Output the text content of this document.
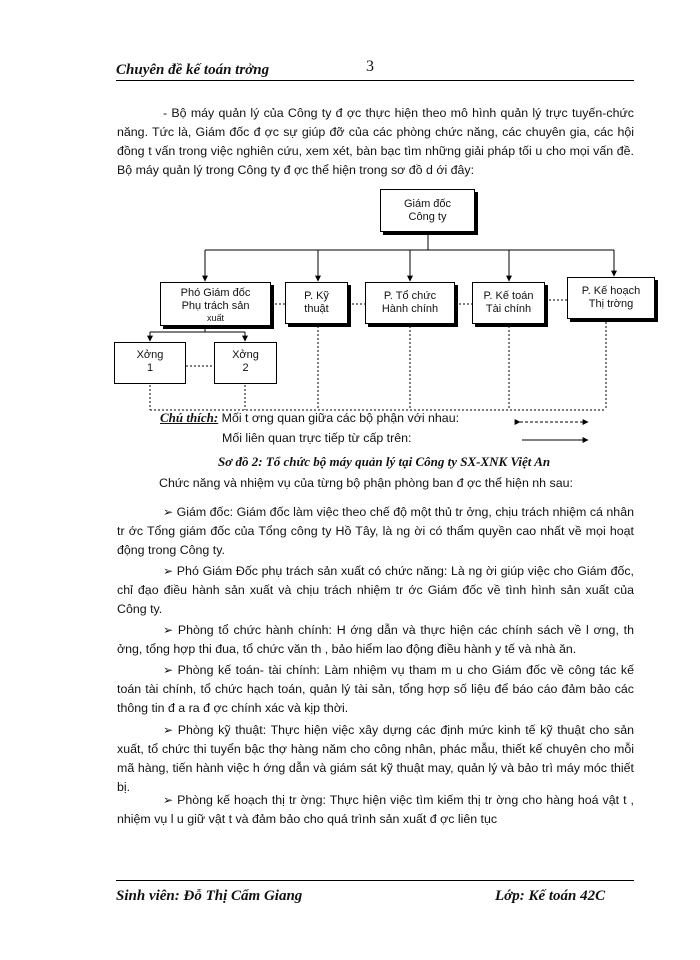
Chuyên đề kế toán trởng	3

- Bộ máy quản lý của Công ty đ ợc thực hiện theo mô hình quản lý trực tuyến-chức năng. Tức là, Giám đốc đ ợc sự giúp đỡ của các phòng chức năng, các chuyên gia, các hội đồng t vấn trong việc nghiên cứu, xem xét, bàn bạc tìm những giải pháp tối u cho mọi vấn đề. Bộ máy quản lý trong Công ty đ ợc thể hiện trong sơ đồ d ới đây:

Giám đốc
Công ty
Phó Giám đốc
Phụ trách sản
xuất
P. Kỹ
thuật
P. Tổ chức
Hành chính
P. Kế toán
Tài chính
P. Kế hoạch
Thị trờng
Xởng
1
Xởng
2
Chú thích: Mối t ơng quan giữa các bộ phận với nhau:
Mối liên quan trực tiếp từ cấp trên:
Sơ đồ 2: Tổ chức bộ máy quản lý tại Công ty SX-XNK Việt An

Chức năng và nhiệm vụ của từng bộ phận phòng ban đ ợc thể hiện nh sau:

➢ Giám đốc: Giám đốc làm việc theo chế độ một thủ tr ởng, chịu trách nhiệm cá nhân tr ớc Tổng giám đốc của Tổng công ty Hồ Tây, là ng ời có thẩm quyền cao nhất về mọi hoạt động trong Công ty.

➢ Phó Giám Đốc phụ trách sản xuất có chức năng: Là ng ời giúp việc cho Giám đốc, chỉ đạo điều hành sản xuất và chịu trách nhiệm tr ớc Giám đốc về tình hình sản xuất của Công ty.

➢ Phòng tổ chức hành chính: H ớng dẫn và thực hiện các chính sách về l ơng, th ởng, tổng hợp thi đua, tổ chức văn th , bảo hiểm lao động điều hành y tế và nhà ăn.

➢ Phòng kế toán- tài chính: Làm nhiệm vụ tham m u cho Giám đốc về công tác kế toán tài chính, tổ chức hạch toán, quản lý tài sản, tổng hợp số liệu để báo cáo đảm bảo các thông tin đ a ra đ ợc chính xác và kịp thời.

➢ Phòng kỹ thuật: Thực hiện việc xây dựng các định mức kinh tế kỹ thuật cho sản xuất, tổ chức thi tuyển bậc thợ hàng năm cho công nhân, phác mẫu, thiết kế chuyên cho mỗi mã hàng, tiến hành việc h ớng dẫn và giám sát kỹ thuật may, quản lý và bảo trì máy móc thiết bị.

➢ Phòng kế hoạch thị tr ờng: Thực hiện việc tìm kiếm thị tr ờng cho hàng hoá vật t , nhiệm vụ l u giữ vật t và đảm bảo cho quá trình sản xuất đ ợc liên tục

Sinh viên: Đỗ Thị Cẩm Giang	Lớp: Kế toán 42C
